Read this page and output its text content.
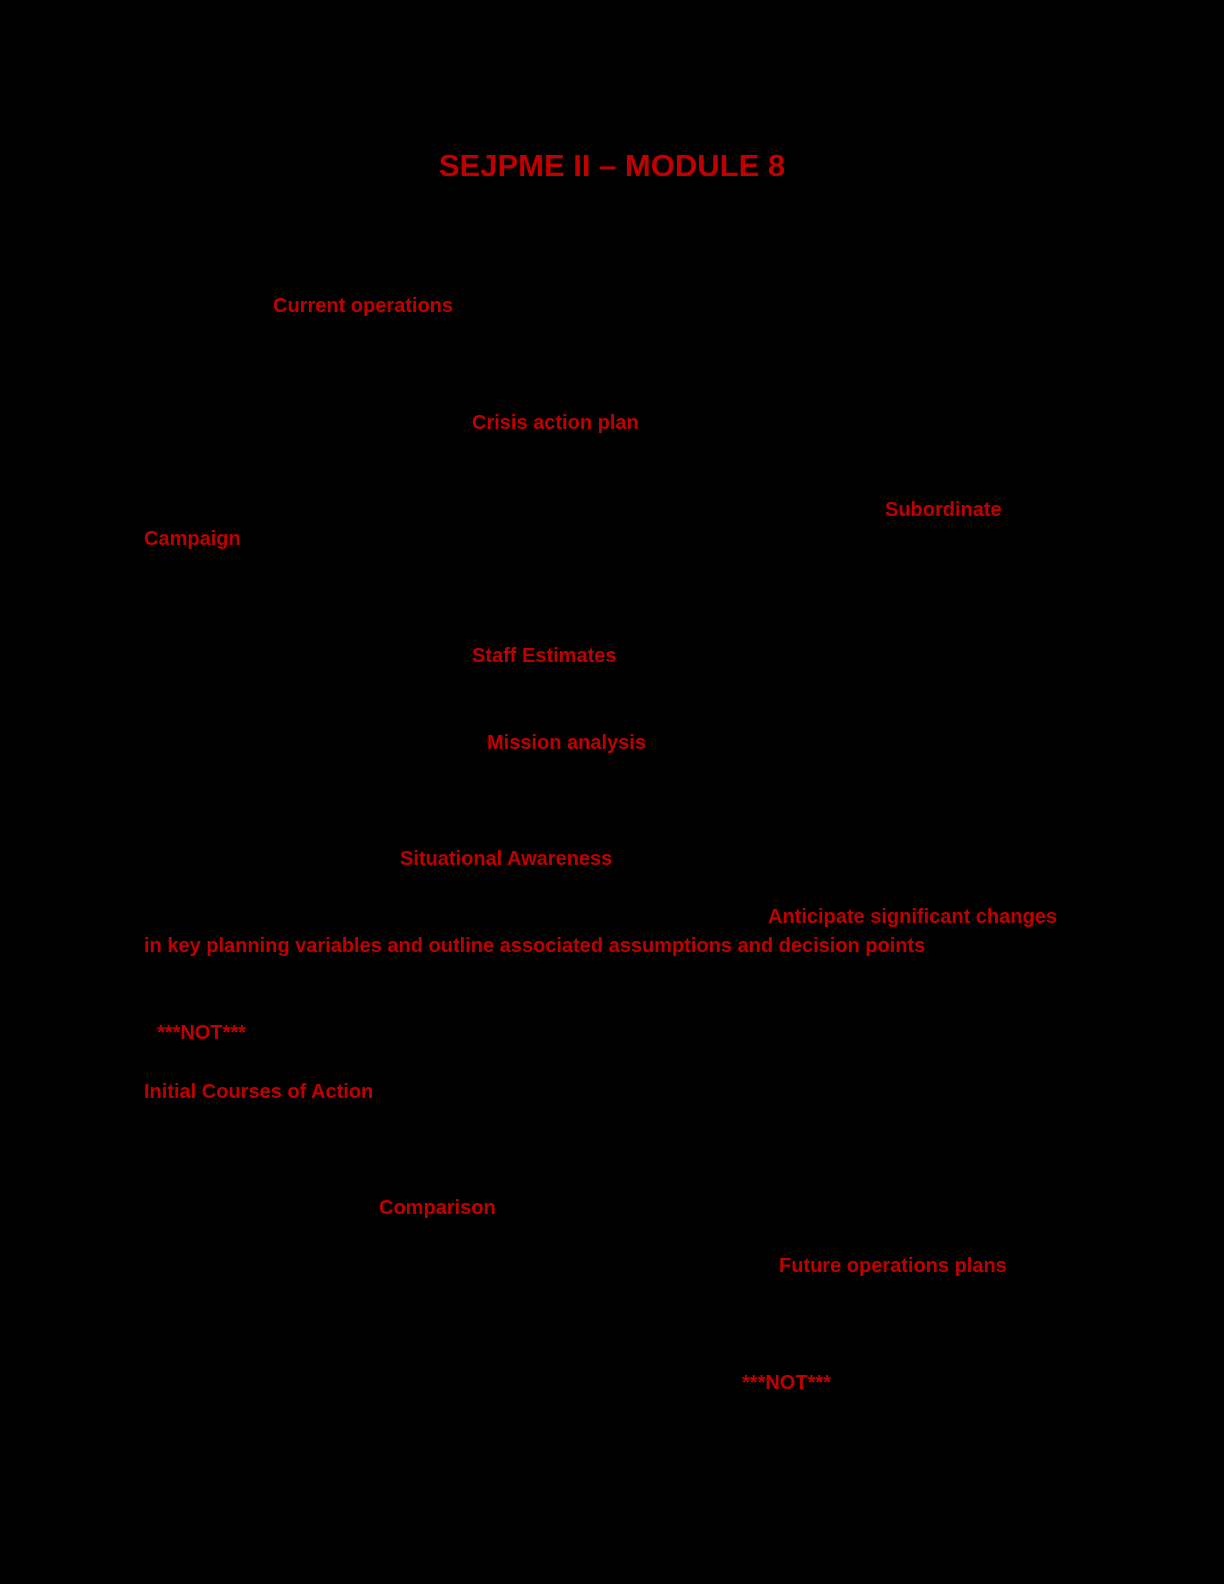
SEJPME II – MODULE 8
Current operations
Crisis action plan
Subordinate
Campaign
Staff Estimates
Mission analysis
Situational Awareness
Anticipate significant changes
in key planning variables and outline associated assumptions and decision points
***NOT***
Initial Courses of Action
Comparison
Future operations plans
***NOT***
